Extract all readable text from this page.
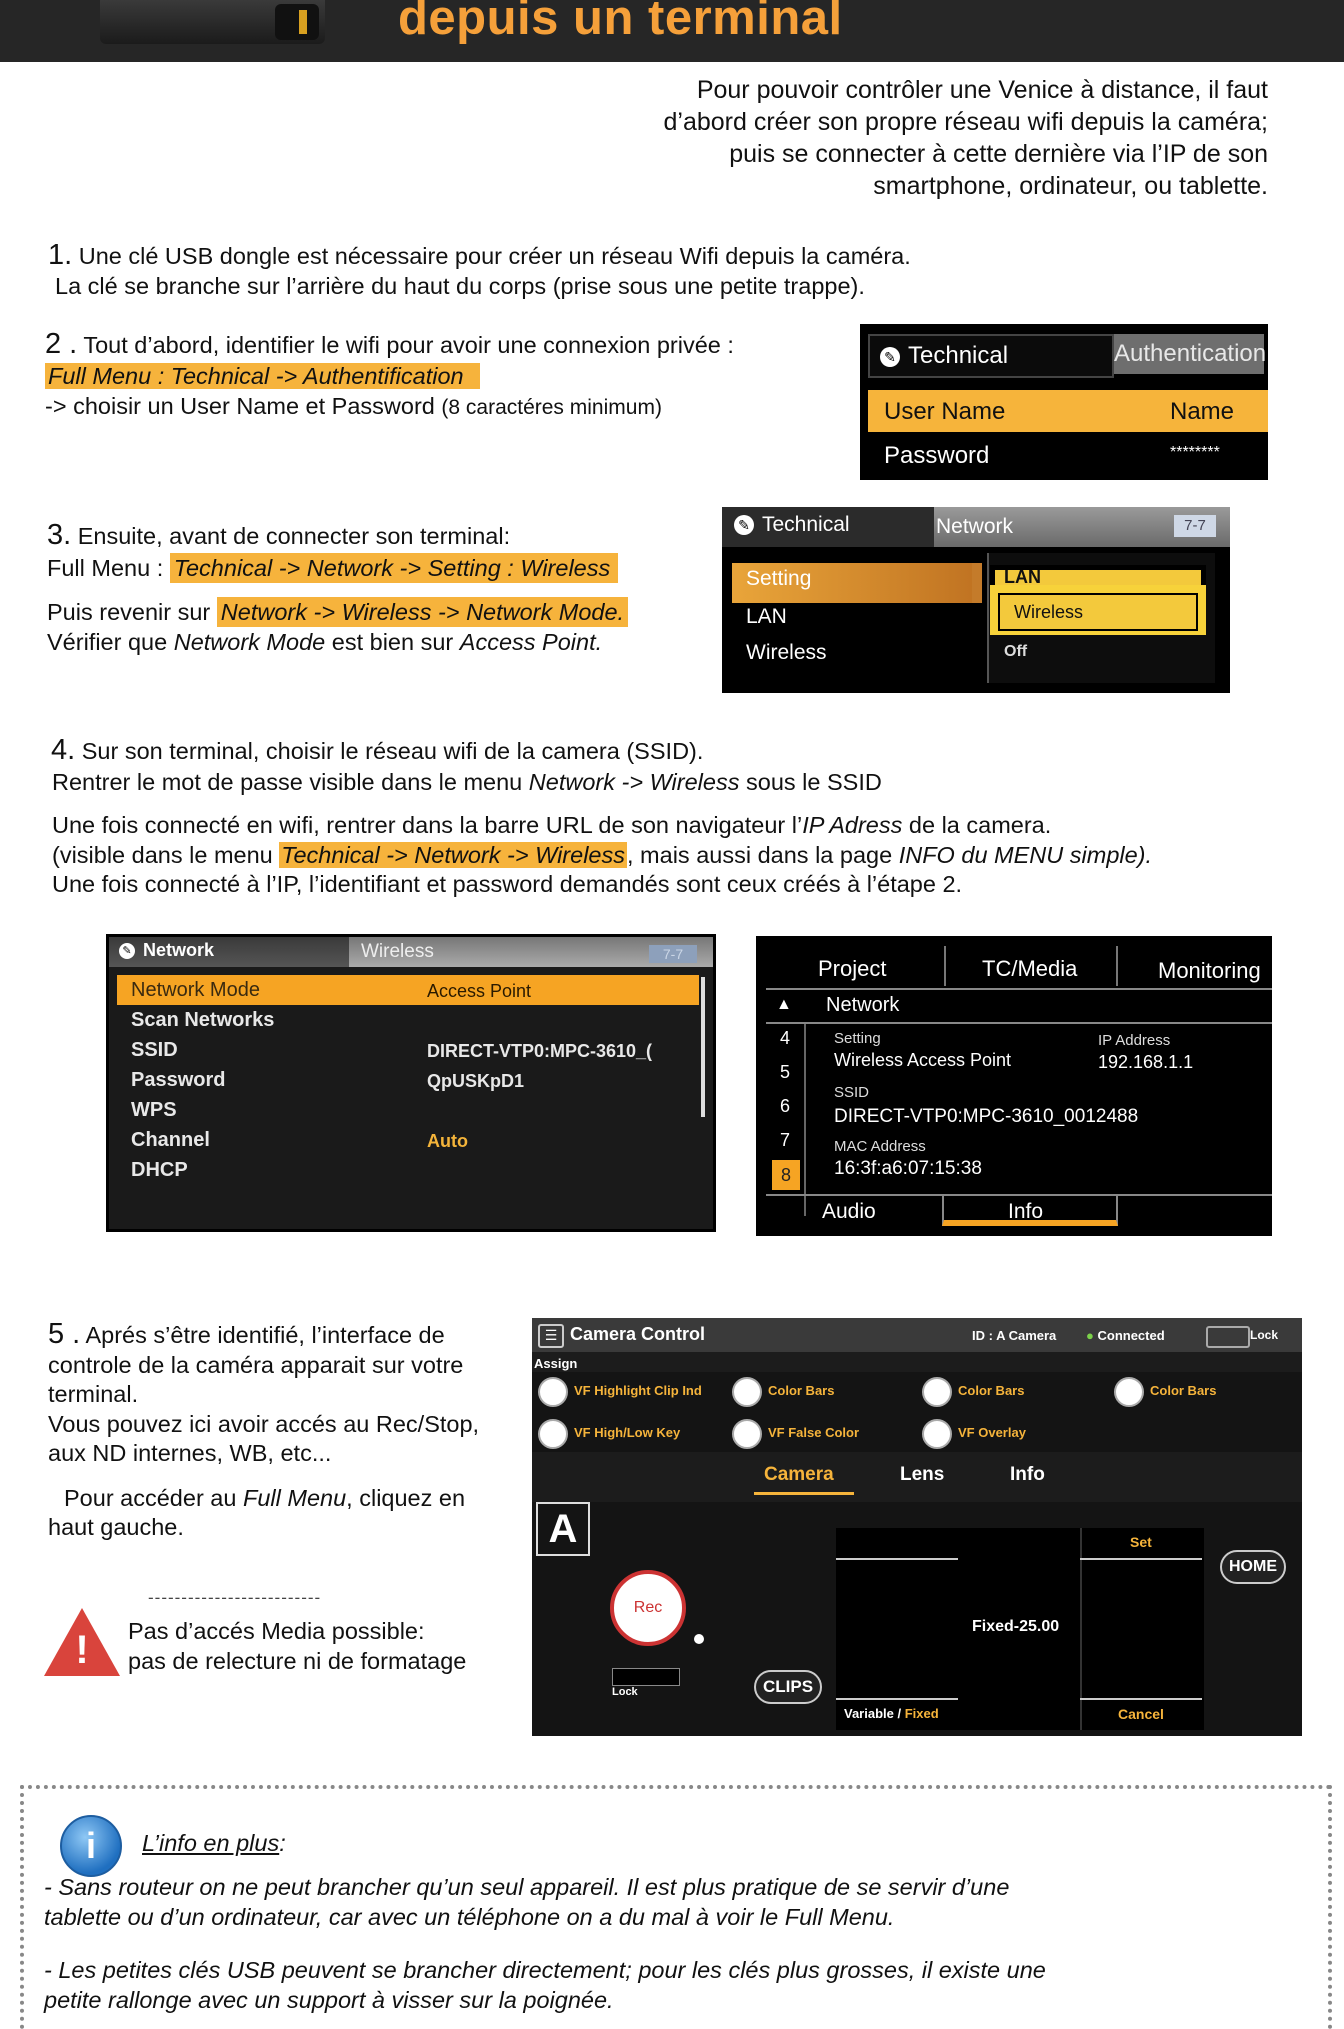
depuis un terminal
Pour pouvoir contrôler une Venice à distance, il faut
d’abord créer son propre réseau wifi depuis la caméra;
puis se connecter à cette dernière via l’IP de son
smartphone, ordinateur, ou tablette.
1. Une clé USB dongle est nécessaire pour créer un réseau Wifi depuis la caméra.
La clé se branche sur l’arrière du haut du corps (prise sous une petite trappe).
2 . Tout d’abord, identifier le wifi pour avoir une connexion privée :
Full Menu : Technical -> Authentification
-> choisir un User Name et Password (8 caractéres minimum)
✎ Technical	Authentication
User Name	Name
Password	********
3. Ensuite, avant de connecter son terminal:
Full Menu : Technical -> Network -> Setting : Wireless
Puis revenir sur Network -> Wireless -> Network Mode.
Vérifier que Network Mode est bien sur Access Point.
✎ Technical	Network	7-7
Setting
LAN
Wireless
Wireless
LAN
Off
4. Sur son terminal, choisir le réseau wifi de la camera (SSID).
Rentrer le mot de passe visible dans le menu Network -> Wireless sous le SSID
Une fois connecté en wifi, rentrer dans la barre URL de son navigateur l’IP Adress de la camera.
(visible dans le menu Technical -> Network -> Wireless, mais aussi dans la page INFO du MENU simple).
Une fois connecté à l’IP, l’identifiant et password demandés sont ceux créés à l’étape 2.
✎ Network	Wireless	7-7
Network Mode	Access Point
Scan Networks
SSID	DIRECT-VTP0:MPC-3610_(
Password	QpUSKpD1
WPS
Channel	Auto
DHCP
Project	TC/Media	Monitoring
▲ Network
4
5
6
7
8
Setting
Wireless Access Point
IP Address
192.168.1.1
SSID
DIRECT-VTP0:MPC-3610_0012488
MAC Address
16:3f:a6:07:15:38
Audio	Info
5 . Aprés s’être identifié, l’interface de
controle de la caméra apparait sur votre
terminal.
Vous pouvez ici avoir accés au Rec/Stop,
aux ND internes, WB, etc...
Pour accéder au Full Menu, cliquez en
haut gauche.
--------------------------
! Pas d’accés Media possible:
pas de relecture ni de formatage
☰ Camera Control	ID : A Camera ● Connected	Lock
Assign
VF Highlight Clip Ind	Color Bars	Color Bars	Color Bars
VF High/Low Key	VF False Color	VF Overlay
Camera	Lens	Info
A
Rec
Lock	CLIPS
Fixed-25.00
Set
Cancel
Variable / Fixed
HOME
i	L’info en plus:
- Sans routeur on ne peut brancher qu’un seul appareil. Il est plus pratique de se servir d’une
tablette ou d’un ordinateur, car avec un téléphone on a du mal à voir le Full Menu.
- Les petites clés USB peuvent se brancher directement; pour les clés plus grosses, il existe une
petite rallonge avec un support à visser sur la poignée.
